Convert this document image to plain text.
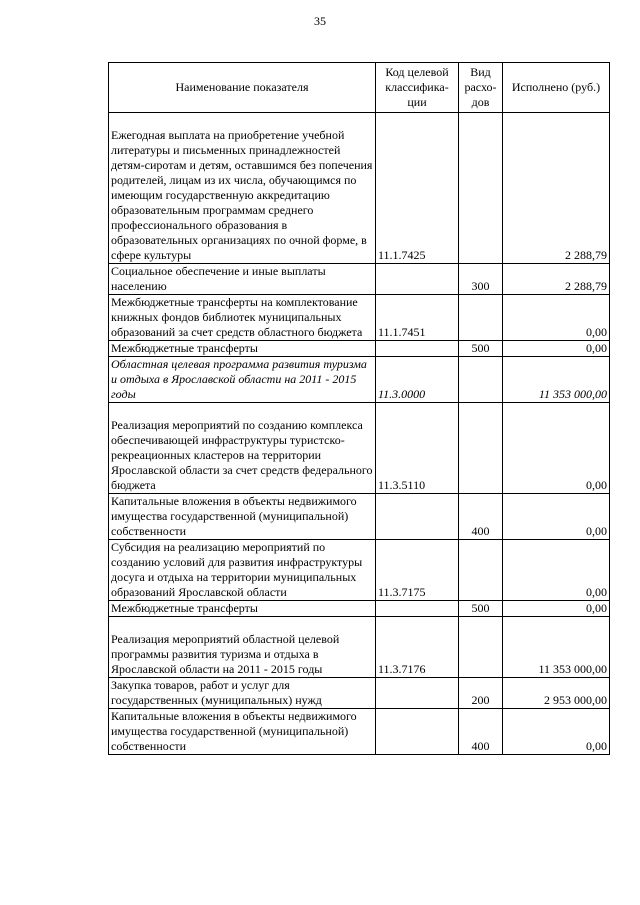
35
Наименование показателя	Код целевой классифика-ции	Вид расхо-дов	Исполнено (руб.)
Ежегодная выплата на приобретение учебной литературы и письменных принадлежностей детям-сиротам и детям, оставшимся без попечения родителей, лицам из их числа, обучающимся по имеющим государственную аккредитацию образовательным программам среднего профессионального образования в образовательных организациях по очной форме, в сфере культуры	11.1.7425		2 288,79
Социальное обеспечение и иные выплаты населению		300	2 288,79
Межбюджетные трансферты на комплектование книжных фондов библиотек муниципальных образований за счет средств областного бюджета	11.1.7451		0,00
Межбюджетные трансферты		500	0,00
Областная целевая программа развития туризма и отдыха в Ярославской области на 2011 - 2015 годы	11.3.0000		11 353 000,00
Реализация мероприятий по созданию комплекса обеспечивающей инфраструктуры туристско-рекреационных кластеров на территории Ярославской области за счет средств федерального бюджета	11.3.5110		0,00
Капитальные вложения в объекты недвижимого имущества государственной (муниципальной) собственности		400	0,00
Субсидия на реализацию мероприятий по созданию условий для развития инфраструктуры досуга и отдыха на территории муниципальных образований Ярославской области	11.3.7175		0,00
Межбюджетные трансферты		500	0,00
Реализация мероприятий областной целевой программы развития туризма и отдыха в Ярославской области на 2011 - 2015 годы	11.3.7176		11 353 000,00
Закупка товаров, работ и услуг для государственных (муниципальных) нужд		200	2 953 000,00
Капитальные вложения в объекты недвижимого имущества государственной (муниципальной) собственности		400	0,00
